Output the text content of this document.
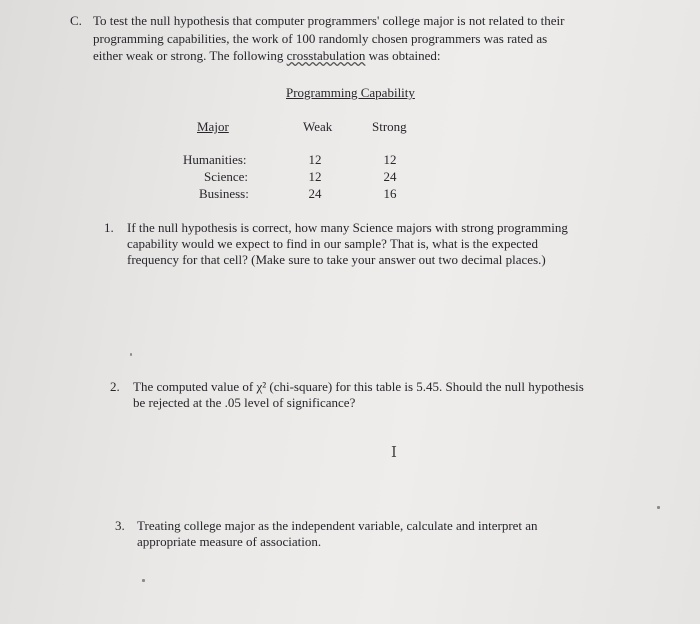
C. To test the null hypothesis that computer programmers' college major is not related to their
programming capabilities, the work of 100 randomly chosen programmers was rated as
either weak or strong. The following crosstabulation was obtained:
Programming Capability
Major	Weak	Strong
Humanities:	12	12
Science:	12	24
Business:	24	16
1. If the null hypothesis is correct, how many Science majors with strong programming
capability would we expect to find in our sample? That is, what is the expected
frequency for that cell? (Make sure to take your answer out two decimal places.)
2. The computed value of χ² (chi-square) for this table is 5.45. Should the null hypothesis
be rejected at the .05 level of significance?
I
3. Treating college major as the independent variable, calculate and interpret an
appropriate measure of association.
